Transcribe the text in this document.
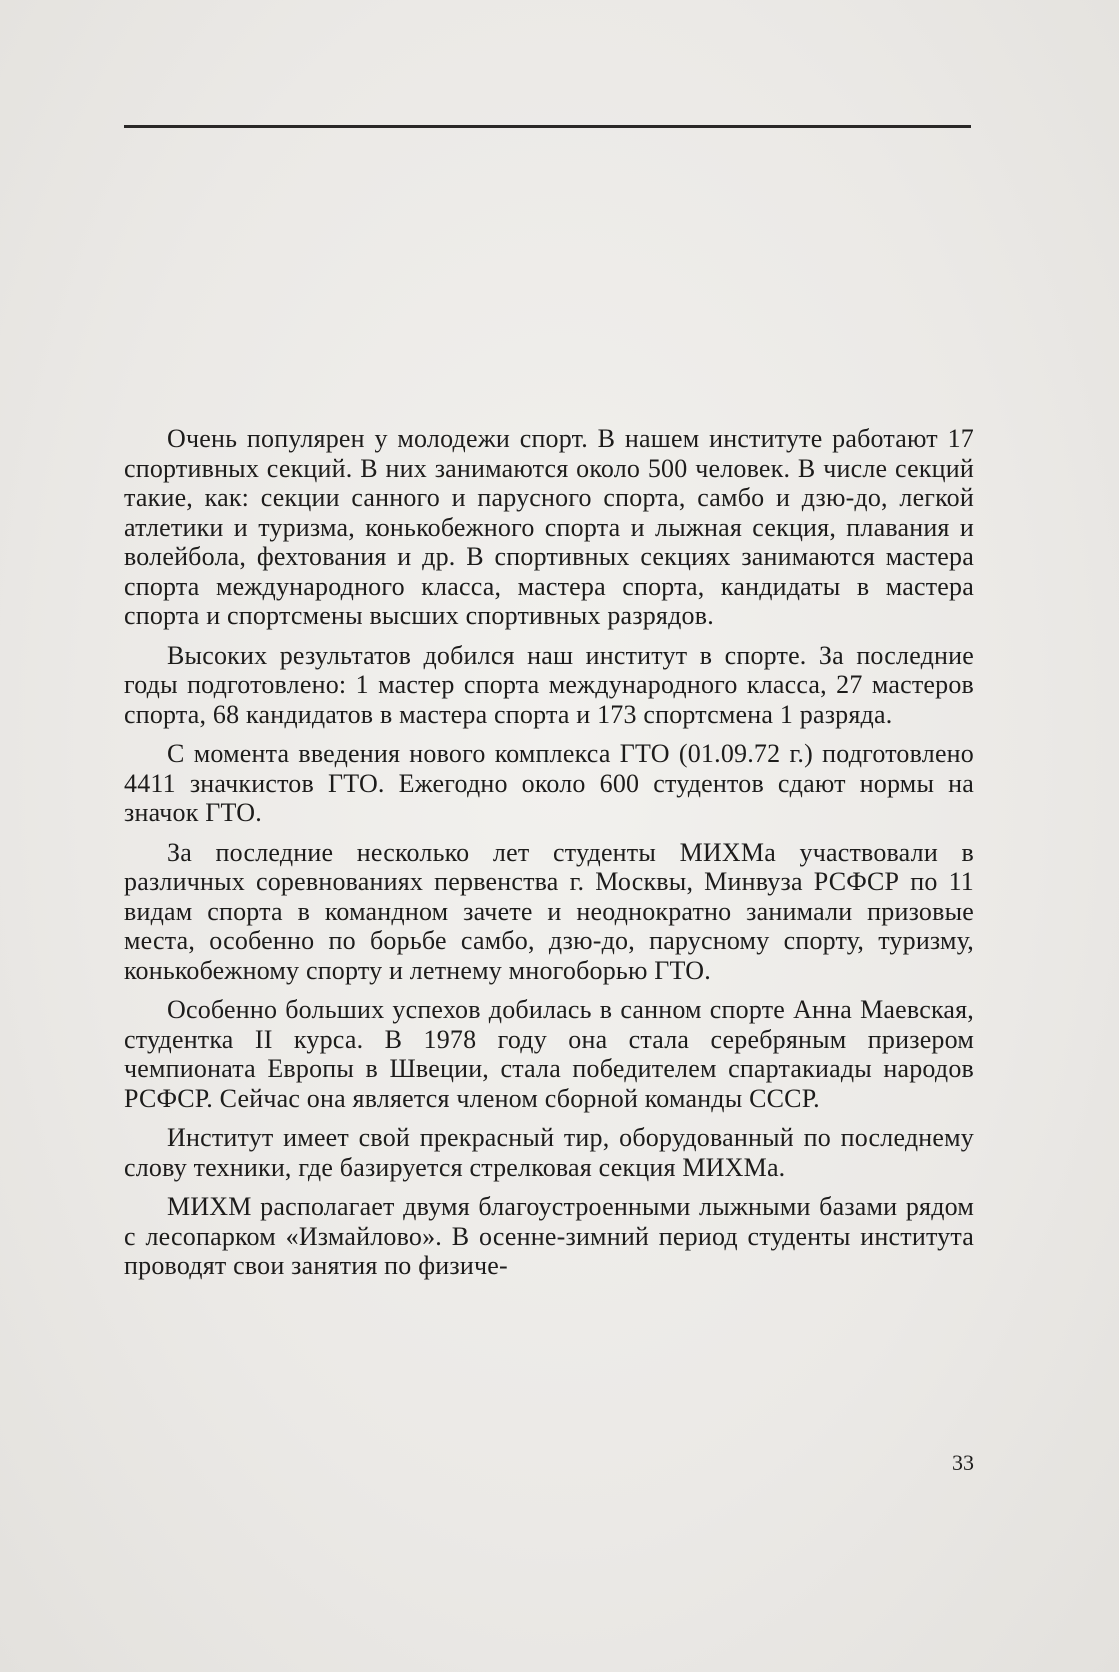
Очень популярен у молодежи спорт. В нашем институте работают 17 спортивных секций. В них занимаются около 500 человек. В числе секций такие, как: секции санного и парусного спорта, самбо и дзю-до, легкой атлетики и туризма, конькобежного спорта и лыжная секция, плавания и волейбола, фехтования и др. В спортивных секциях занимаются мастера спорта международного класса, мастера спорта, кандидаты в мастера спорта и спортсмены высших спортивных разрядов.

Высоких результатов добился наш институт в спорте. За последние годы подготовлено: 1 мастер спорта международного класса, 27 мастеров спорта, 68 кандидатов в мастера спорта и 173 спортсмена 1 разряда.

С момента введения нового комплекса ГТО (01.09.72 г.) подготовлено 4411 значкистов ГТО. Ежегодно около 600 студентов сдают нормы на значок ГТО.

За последние несколько лет студенты МИХМа участвовали в различных соревнованиях первенства г. Москвы, Минвуза РСФСР по 11 видам спорта в командном зачете и неоднократно занимали призовые места, особенно по борьбе самбо, дзю-до, парусному спорту, туризму, конькобежному спорту и летнему многоборью ГТО.

Особенно больших успехов добилась в санном спорте Анна Маевская, студентка II курса. В 1978 году она стала серебряным призером чемпионата Европы в Швеции, стала победителем спартакиады народов РСФСР. Сейчас она является членом сборной команды СССР.

Институт имеет свой прекрасный тир, оборудованный по последнему слову техники, где базируется стрелковая секция МИХМа.

МИХМ располагает двумя благоустроенными лыжными базами рядом с лесопарком «Измайлово». В осенне-зимний период студенты института проводят свои занятия по физиче-

33
